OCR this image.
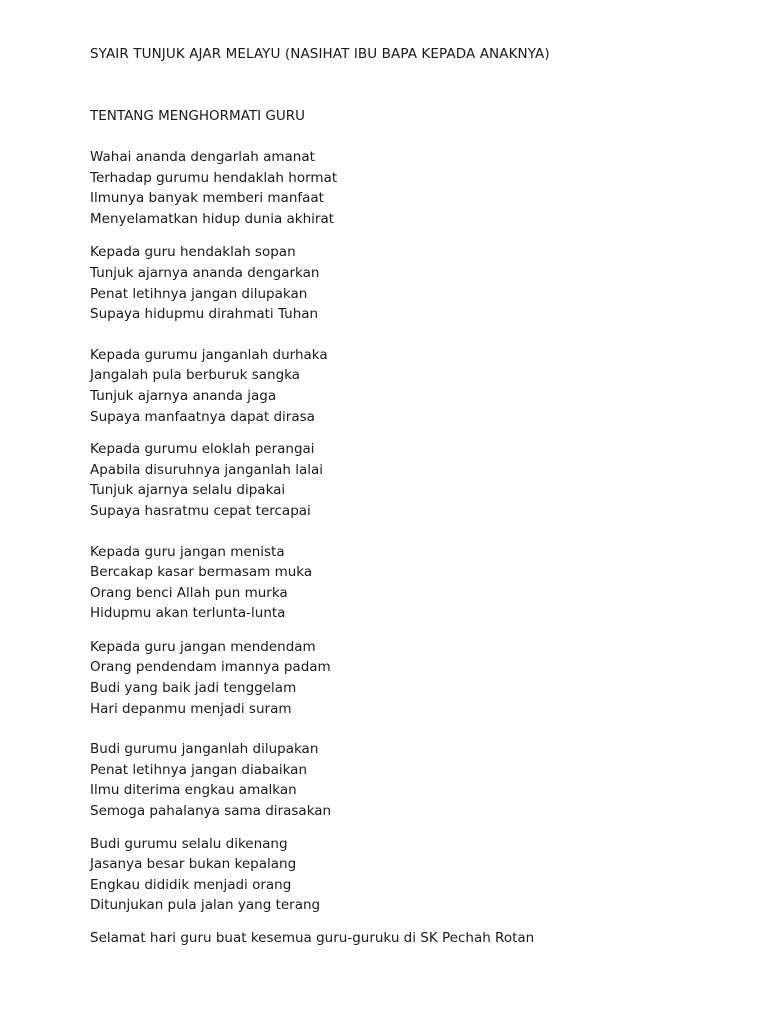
SYAIR TUNJUK AJAR MELAYU (NASIHAT IBU BAPA KEPADA ANAKNYA)
TENTANG MENGHORMATI GURU
Wahai ananda dengarlah amanat
Terhadap gurumu hendaklah hormat
Ilmunya banyak memberi manfaat
Menyelamatkan hidup dunia akhirat
Kepada guru hendaklah sopan
Tunjuk ajarnya ananda dengarkan
Penat letihnya jangan dilupakan
Supaya hidupmu dirahmati Tuhan
Kepada gurumu janganlah durhaka
Jangalah pula berburuk sangka
Tunjuk ajarnya ananda jaga
Supaya manfaatnya dapat dirasa
Kepada gurumu eloklah perangai
Apabila disuruhnya janganlah lalai
Tunjuk ajarnya selalu dipakai
Supaya hasratmu cepat tercapai
Kepada guru jangan menista
Bercakap kasar bermasam muka
Orang benci Allah pun murka
Hidupmu akan terlunta-lunta
Kepada guru jangan mendendam
Orang pendendam imannya padam
Budi yang baik jadi tenggelam
Hari depanmu menjadi suram
Budi gurumu janganlah dilupakan
Penat letihnya jangan diabaikan
Ilmu diterima engkau amalkan
Semoga pahalanya sama dirasakan
Budi gurumu selalu dikenang
Jasanya besar bukan kepalang
Engkau dididik menjadi orang
Ditunjukan pula jalan yang terang
Selamat hari guru buat kesemua guru-guruku di SK Pechah Rotan
